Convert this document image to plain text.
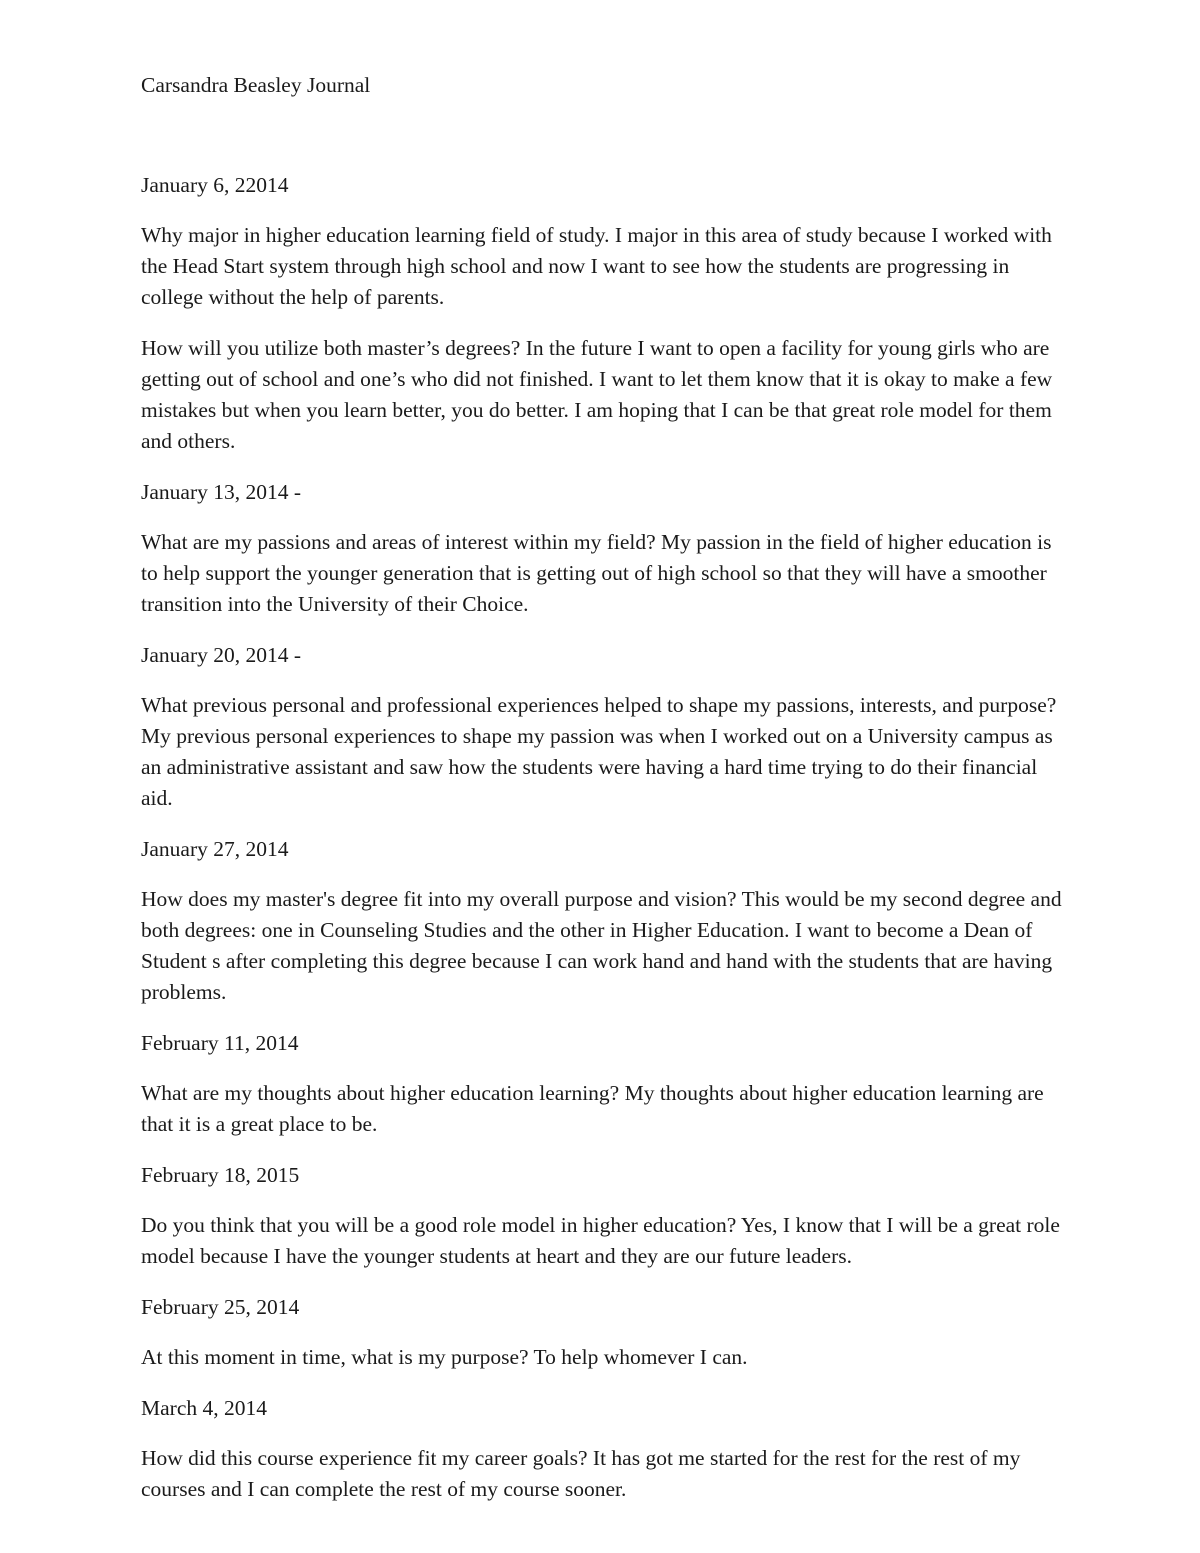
Carsandra Beasley Journal

January 6, 22014

Why major in higher education learning field of study. I major in this area of study because I worked with the Head Start system through high school and now I want to see how the students are progressing in college without the help of parents.

How will you utilize both master’s degrees? In the future I want to open a facility for young girls who are getting out of school and one’s who did not finished. I want to let them know that it is okay to make a few mistakes but when you learn better, you do better. I am hoping that I can be that great role model for them and others.

January 13, 2014 -

What are my passions and areas of interest within my field? My passion in the field of higher education is to help support the younger generation that is getting out of high school so that they will have a smoother transition into the University of their Choice.

January 20, 2014 -

What previous personal and professional experiences helped to shape my passions, interests, and purpose? My previous personal experiences to shape my passion was when I worked out on a University campus as an administrative assistant and saw how the students were having a hard time trying to do their financial aid.

January 27, 2014

How does my master's degree fit into my overall purpose and vision? This would be my second degree and both degrees: one in Counseling Studies and the other in Higher Education. I want to become a Dean of Student s after completing this degree because I can work hand and hand with the students that are having problems.

February 11, 2014

What are my thoughts about higher education learning? My thoughts about higher education learning are that it is a great place to be.

February 18, 2015

Do you think that you will be a good role model in higher education? Yes, I know that I will be a great role model because I have the younger students at heart and they are our future leaders.

February 25, 2014

At this moment in time, what is my purpose? To help whomever I can.

March 4, 2014

How did this course experience fit my career goals? It has got me started for the rest for the rest of my courses and I can complete the rest of my course sooner.
